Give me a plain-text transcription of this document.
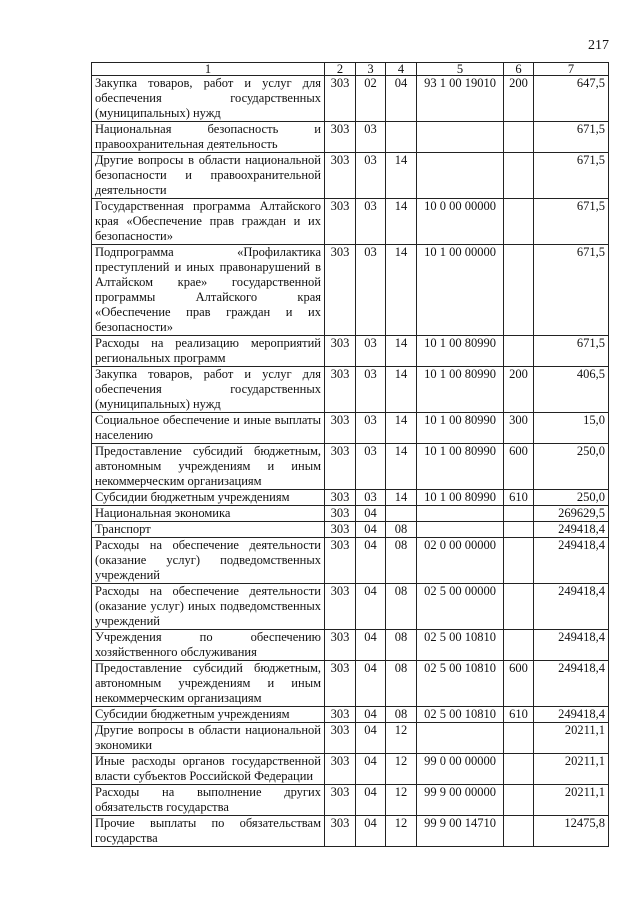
217
1	2	3	4	5	6	7
Закупка товаров, работ и услуг для обеспечения государственных (муниципальных) нужд	303	02	04	93 1 00 19010	200	647,5
Национальная безопасность и правоохранительная деятельность	303	03				671,5
Другие вопросы в области национальной безопасности и правоохранительной деятельности	303	03	14			671,5
Государственная программа Алтайского края «Обеспечение прав граждан и их безопасности»	303	03	14	10 0 00 00000		671,5
Подпрограмма «Профилактика преступлений и иных правонарушений в Алтайском крае» государственной программы Алтайского края «Обеспечение прав граждан и их безопасности»	303	03	14	10 1 00 00000		671,5
Расходы на реализацию мероприятий региональных программ	303	03	14	10 1 00 80990		671,5
Закупка товаров, работ и услуг для обеспечения государственных (муниципальных) нужд	303	03	14	10 1 00 80990	200	406,5
Социальное обеспечение и иные выплаты населению	303	03	14	10 1 00 80990	300	15,0
Предоставление субсидий бюджетным, автономным учреждениям и иным некоммерческим организациям	303	03	14	10 1 00 80990	600	250,0
Субсидии бюджетным учреждениям	303	03	14	10 1 00 80990	610	250,0
Национальная экономика	303	04				269629,5
Транспорт	303	04	08			249418,4
Расходы на обеспечение деятельности (оказание услуг) подведомственных учреждений	303	04	08	02 0 00 00000		249418,4
Расходы на обеспечение деятельности (оказание услуг) иных подведомственных учреждений	303	04	08	02 5 00 00000		249418,4
Учреждения по обеспечению хозяйственного обслуживания	303	04	08	02 5 00 10810		249418,4
Предоставление субсидий бюджетным, автономным учреждениям и иным некоммерческим организациям	303	04	08	02 5 00 10810	600	249418,4
Субсидии бюджетным учреждениям	303	04	08	02 5 00 10810	610	249418,4
Другие вопросы в области национальной экономики	303	04	12			20211,1
Иные расходы органов государственной власти субъектов Российской Федерации	303	04	12	99 0 00 00000		20211,1
Расходы на выполнение других обязательств государства	303	04	12	99 9 00 00000		20211,1
Прочие выплаты по обязательствам государства	303	04	12	99 9 00 14710		12475,8
